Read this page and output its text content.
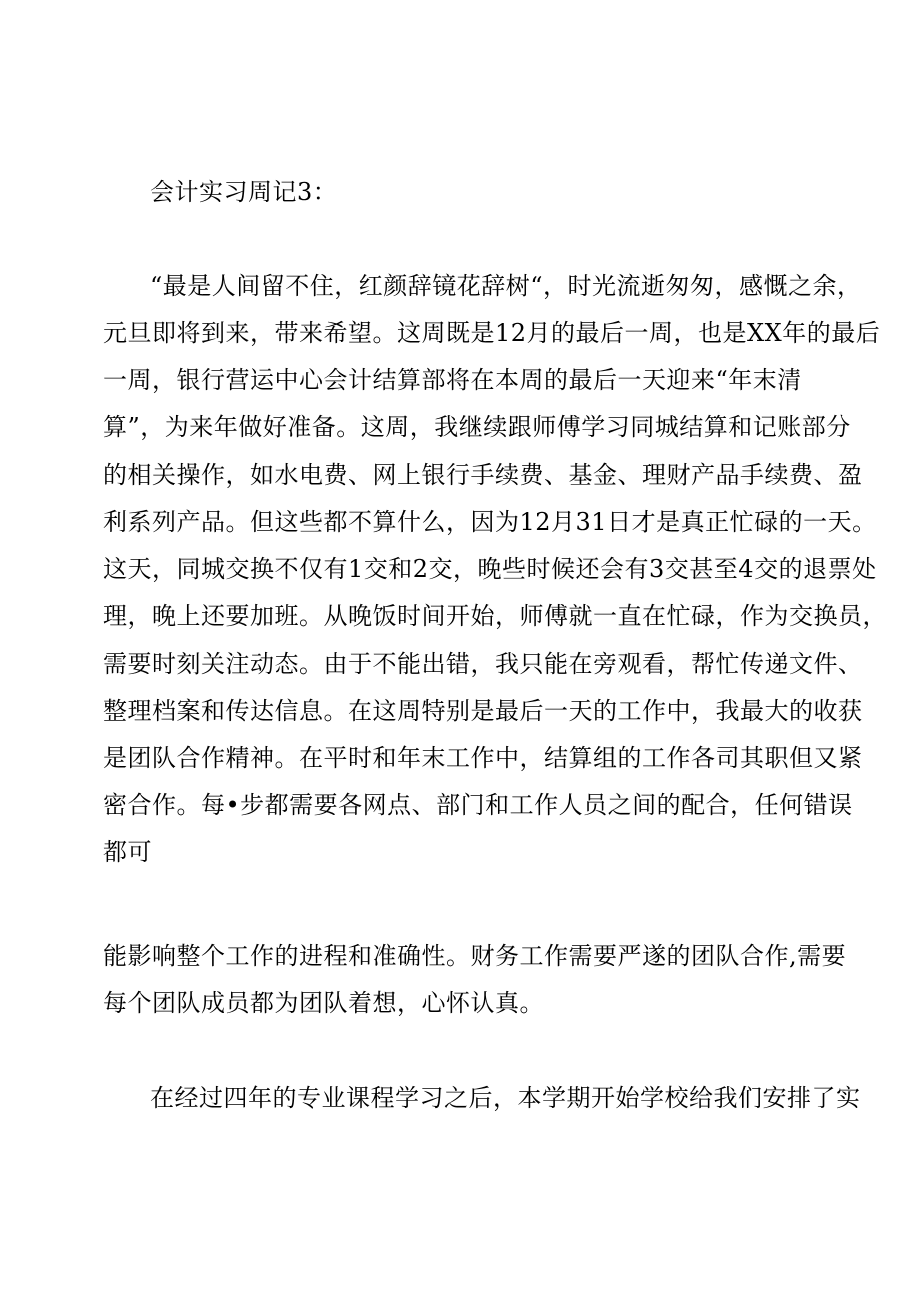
会计实习周记3：
“最是人间留不住，红颜辞镜花辞树“，时光流逝匆匆，感慨之余，
元旦即将到来，带来希望。这周既是12月的最后一周，也是XX年的最后
一周，银行营运中心会计结算部将在本周的最后一天迎来“年末清
算”，为来年做好准备。这周，我继续跟师傅学习同城结算和记账部分
的相关操作，如水电费、网上银行手续费、基金、理财产品手续费、盈
利系列产品。但这些都不算什么，因为12月31日才是真正忙碌的一天。
这天，同城交换不仅有1交和2交，晚些时候还会有3交甚至4交的退票处
理，晚上还要加班。从晚饭时间开始，师傅就一直在忙碌，作为交换员，
需要时刻关注动态。由于不能出错，我只能在旁观看，帮忙传递文件、
整理档案和传达信息。在这周特别是最后一天的工作中，我最大的收获
是团队合作精神。在平时和年末工作中，结算组的工作各司其职但又紧
密合作。每•步都需要各网点、部门和工作人员之间的配合，任何错误
都可
能影响整个工作的进程和准确性。财务工作需要严遂的团队合作,需要
每个团队成员都为团队着想，心怀认真。
在经过四年的专业课程学习之后，本学期开始学校给我们安排了实
